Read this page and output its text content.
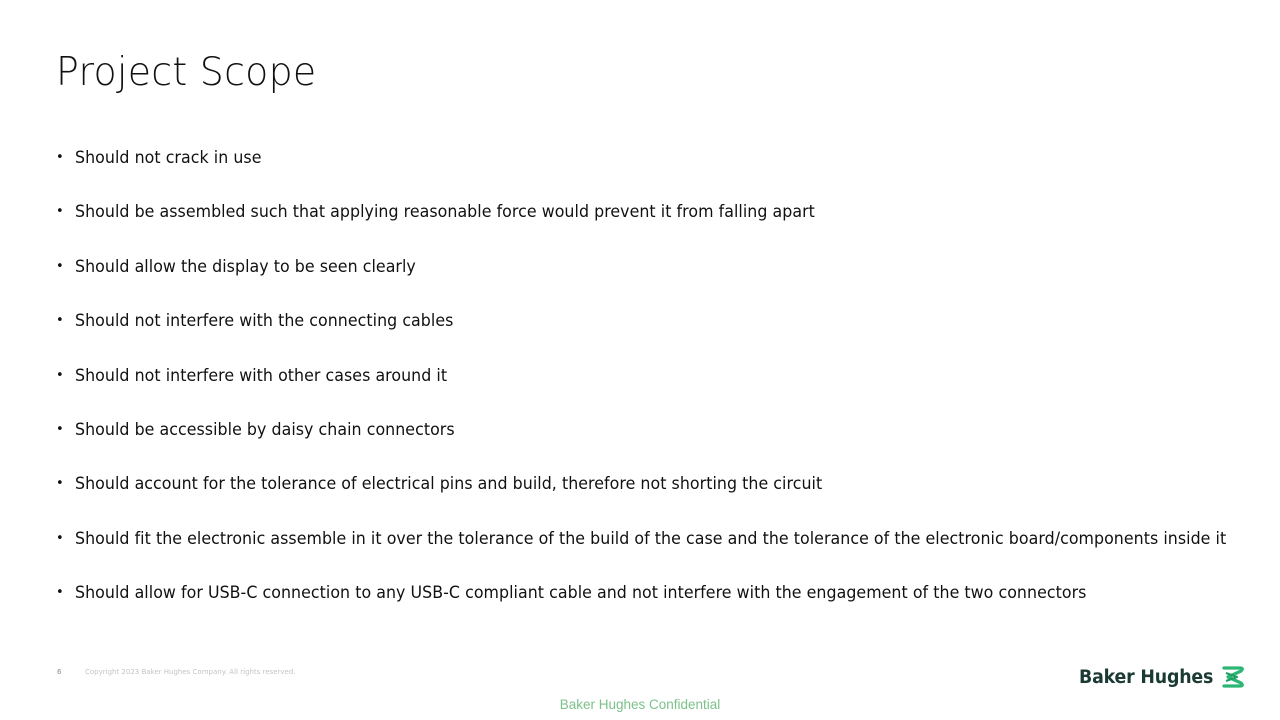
Project Scope
• Should not crack in use
• Should be assembled such that applying reasonable force would prevent it from falling apart
• Should allow the display to be seen clearly
• Should not interfere with the connecting cables
• Should not interfere with other cases around it
• Should be accessible by daisy chain connectors
• Should account for the tolerance of electrical pins and build, therefore not shorting the circuit
• Should fit the electronic assemble in it over the tolerance of the build of the case and the tolerance of the electronic board/components inside it
• Should allow for USB-C connection to any USB-C compliant cable and not interfere with the engagement of the two connectors
6	Copyright 2023 Baker Hughes Company. All rights reserved.	Baker Hughes
Baker Hughes Confidential
